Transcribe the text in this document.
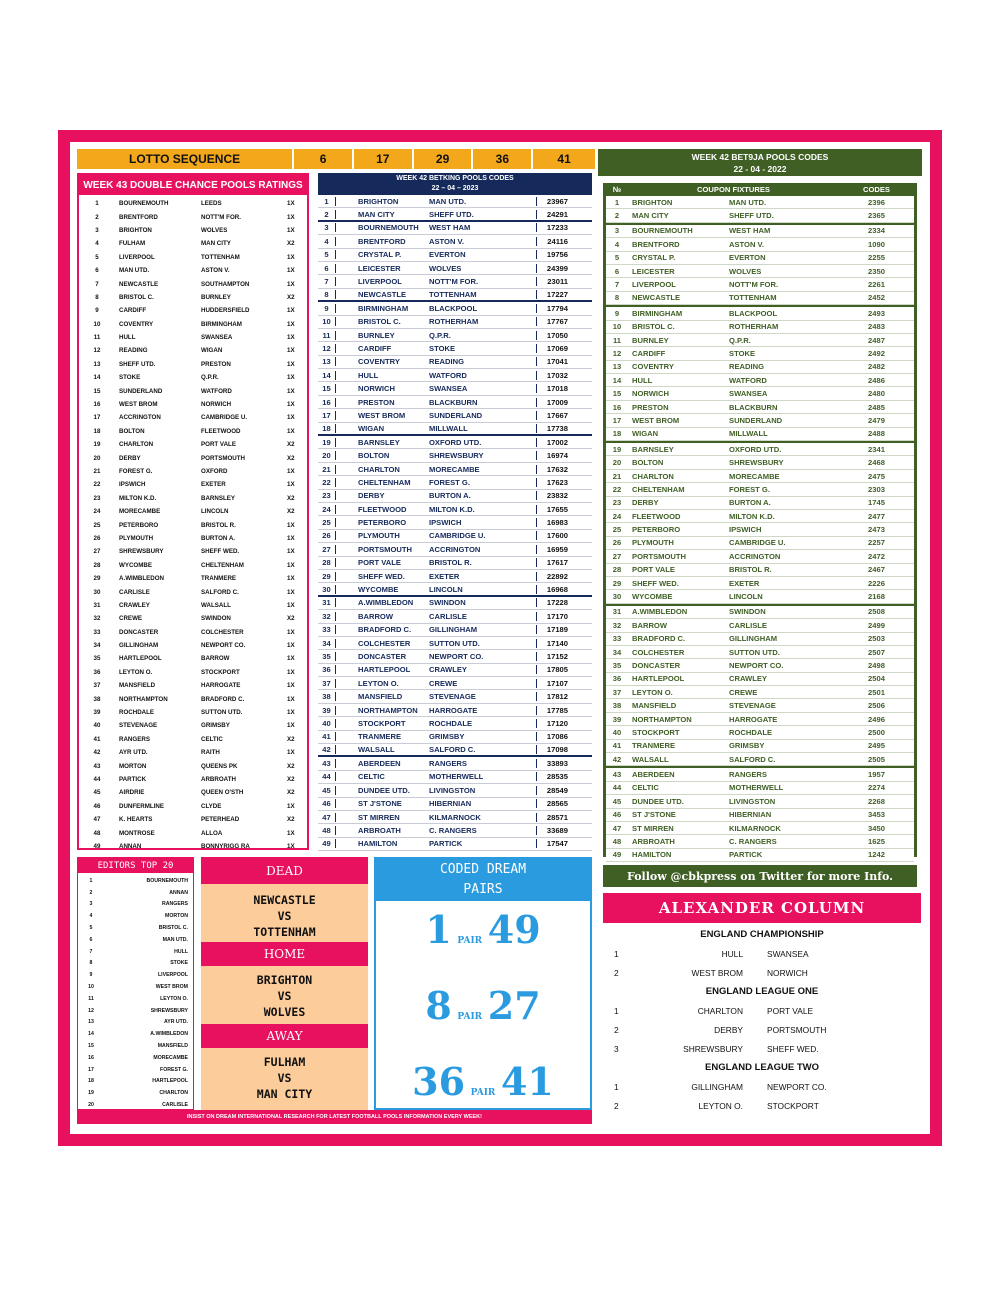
LOTTO SEQUENCE	6	17	29	36	41
WEEK 43 DOUBLE CHANCE POOLS RATINGS
1	BOURNEMOUTH	LEEDS	1X
2	BRENTFORD	NOTT'M FOR.	1X
3	BRIGHTON	WOLVES	1X
4	FULHAM	MAN CITY	X2
5	LIVERPOOL	TOTTENHAM	1X
6	MAN UTD.	ASTON V.	1X
7	NEWCASTLE	SOUTHAMPTON	1X
8	BRISTOL C.	BURNLEY	X2
9	CARDIFF	HUDDERSFIELD	1X
10	COVENTRY	BIRMINGHAM	1X
11	HULL	SWANSEA	1X
12	READING	WIGAN	1X
13	SHEFF UTD.	PRESTON	1X
14	STOKE	Q.P.R.	1X
15	SUNDERLAND	WATFORD	1X
16	WEST BROM	NORWICH	1X
17	ACCRINGTON	CAMBRIDGE U.	1X
18	BOLTON	FLEETWOOD	1X
19	CHARLTON	PORT VALE	X2
20	DERBY	PORTSMOUTH	X2
21	FOREST G.	OXFORD	1X
22	IPSWICH	EXETER	1X
23	MILTON K.D.	BARNSLEY	X2
24	MORECAMBE	LINCOLN	X2
25	PETERBORO	BRISTOL R.	1X
26	PLYMOUTH	BURTON A.	1X
27	SHREWSBURY	SHEFF WED.	1X
28	WYCOMBE	CHELTENHAM	1X
29	A.WIMBLEDON	TRANMERE	1X
30	CARLISLE	SALFORD C.	1X
31	CRAWLEY	WALSALL	1X
32	CREWE	SWINDON	X2
33	DONCASTER	COLCHESTER	1X
34	GILLINGHAM	NEWPORT CO.	1X
35	HARTLEPOOL	BARROW	1X
36	LEYTON O.	STOCKPORT	1X
37	MANSFIELD	HARROGATE	1X
38	NORTHAMPTON	BRADFORD C.	1X
39	ROCHDALE	SUTTON UTD.	1X
40	STEVENAGE	GRIMSBY	1X
41	RANGERS	CELTIC	X2
42	AYR UTD.	RAITH	1X
43	MORTON	QUEENS PK	X2
44	PARTICK	ARBROATH	X2
45	AIRDRIE	QUEEN O'STH	X2
46	DUNFERMLINE	CLYDE	1X
47	K. HEARTS	PETERHEAD	X2
48	MONTROSE	ALLOA	1X
49	ANNAN	BONNYRIGG RA	1X
WEEK 42 BETKING POOLS CODES
22 – 04 – 2023
1	BRIGHTON	MAN UTD.	23967
2	MAN CITY	SHEFF UTD.	24291
3	BOURNEMOUTH	WEST HAM	17233
4	BRENTFORD	ASTON V.	24116
5	CRYSTAL P.	EVERTON	19756
6	LEICESTER	WOLVES	24399
7	LIVERPOOL	NOTT'M FOR.	23011
8	NEWCASTLE	TOTTENHAM	17227
9	BIRMINGHAM	BLACKPOOL	17794
10	BRISTOL C.	ROTHERHAM	17767
11	BURNLEY	Q.P.R.	17050
12	CARDIFF	STOKE	17069
13	COVENTRY	READING	17041
14	HULL	WATFORD	17032
15	NORWICH	SWANSEA	17018
16	PRESTON	BLACKBURN	17009
17	WEST BROM	SUNDERLAND	17667
18	WIGAN	MILLWALL	17738
19	BARNSLEY	OXFORD UTD.	17002
20	BOLTON	SHREWSBURY	16974
21	CHARLTON	MORECAMBE	17632
22	CHELTENHAM	FOREST G.	17623
23	DERBY	BURTON A.	23832
24	FLEETWOOD	MILTON K.D.	17655
25	PETERBORO	IPSWICH	16983
26	PLYMOUTH	CAMBRIDGE U.	17600
27	PORTSMOUTH	ACCRINGTON	16959
28	PORT VALE	BRISTOL R.	17617
29	SHEFF WED.	EXETER	22892
30	WYCOMBE	LINCOLN	16968
31	A.WIMBLEDON	SWINDON	17228
32	BARROW	CARLISLE	17170
33	BRADFORD C.	GILLINGHAM	17189
34	COLCHESTER	SUTTON UTD.	17140
35	DONCASTER	NEWPORT CO.	17152
36	HARTLEPOOL	CRAWLEY	17805
37	LEYTON O.	CREWE	17107
38	MANSFIELD	STEVENAGE	17812
39	NORTHAMPTON	HARROGATE	17785
40	STOCKPORT	ROCHDALE	17120
41	TRANMERE	GRIMSBY	17086
42	WALSALL	SALFORD C.	17098
43	ABERDEEN	RANGERS	33893
44	CELTIC	MOTHERWELL	28535
45	DUNDEE UTD.	LIVINGSTON	28549
46	ST J'STONE	HIBERNIAN	28565
47	ST MIRREN	KILMARNOCK	28571
48	ARBROATH	C. RANGERS	33689
49	HAMILTON	PARTICK	17547
WEEK 42 BET9JA POOLS CODES
22 - 04 - 2022
№	COUPON FIXTURES	CODES
1	BRIGHTON	MAN UTD.	2396
2	MAN CITY	SHEFF UTD.	2365
3	BOURNEMOUTH	WEST HAM	2334
4	BRENTFORD	ASTON V.	1090
5	CRYSTAL P.	EVERTON	2255
6	LEICESTER	WOLVES	2350
7	LIVERPOOL	NOTT'M FOR.	2261
8	NEWCASTLE	TOTTENHAM	2452
9	BIRMINGHAM	BLACKPOOL	2493
10	BRISTOL C.	ROTHERHAM	2483
11	BURNLEY	Q.P.R.	2487
12	CARDIFF	STOKE	2492
13	COVENTRY	READING	2482
14	HULL	WATFORD	2486
15	NORWICH	SWANSEA	2480
16	PRESTON	BLACKBURN	2485
17	WEST BROM	SUNDERLAND	2479
18	WIGAN	MILLWALL	2488
19	BARNSLEY	OXFORD UTD.	2341
20	BOLTON	SHREWSBURY	2468
21	CHARLTON	MORECAMBE	2475
22	CHELTENHAM	FOREST G.	2303
23	DERBY	BURTON A.	1745
24	FLEETWOOD	MILTON K.D.	2477
25	PETERBORO	IPSWICH	2473
26	PLYMOUTH	CAMBRIDGE U.	2257
27	PORTSMOUTH	ACCRINGTON	2472
28	PORT VALE	BRISTOL R.	2467
29	SHEFF WED.	EXETER	2226
30	WYCOMBE	LINCOLN	2168
31	A.WIMBLEDON	SWINDON	2508
32	BARROW	CARLISLE	2499
33	BRADFORD C.	GILLINGHAM	2503
34	COLCHESTER	SUTTON UTD.	2507
35	DONCASTER	NEWPORT CO.	2498
36	HARTLEPOOL	CRAWLEY	2504
37	LEYTON O.	CREWE	2501
38	MANSFIELD	STEVENAGE	2506
39	NORTHAMPTON	HARROGATE	2496
40	STOCKPORT	ROCHDALE	2500
41	TRANMERE	GRIMSBY	2495
42	WALSALL	SALFORD C.	2505
43	ABERDEEN	RANGERS	1957
44	CELTIC	MOTHERWELL	2274
45	DUNDEE UTD.	LIVINGSTON	2268
46	ST J'STONE	HIBERNIAN	3453
47	ST MIRREN	KILMARNOCK	3450
48	ARBROATH	C. RANGERS	1625
49	HAMILTON	PARTICK	1242
Follow @cbkpress on Twitter for more Info.
EDITORS TOP 20
1	BOURNEMOUTH
2	ANNAN
3	RANGERS
4	MORTON
5	BRISTOL C.
6	MAN UTD.
7	HULL
8	STOKE
9	LIVERPOOL
10	WEST BROM
11	LEYTON O.
12	SHREWSBURY
13	AYR UTD.
14	A.WIMBLEDON
15	MANSFIELD
16	MORECAMBE
17	FOREST G.
18	HARTLEPOOL
19	CHARLTON
20	CARLISLE
DEAD
NEWCASTLE
VS
TOTTENHAM
HOME
BRIGHTON
VS
WOLVES
AWAY
FULHAM
VS
MAN CITY
CODED DREAM
PAIRS
1 PAIR 49
8 PAIR 27
36 PAIR 41
ALEXANDER COLUMN
ENGLAND CHAMPIONSHIP
1	HULL	SWANSEA
2	WEST BROM	NORWICH
ENGLAND LEAGUE ONE
1	CHARLTON	PORT VALE
2	DERBY	PORTSMOUTH
3	SHREWSBURY	SHEFF WED.
ENGLAND LEAGUE TWO
1	GILLINGHAM	NEWPORT CO.
2	LEYTON O.	STOCKPORT
INSIST ON DREAM INTERNATIONAL RESEARCH FOR LATEST FOOTBALL POOLS INFORMATION EVERY WEEK!
